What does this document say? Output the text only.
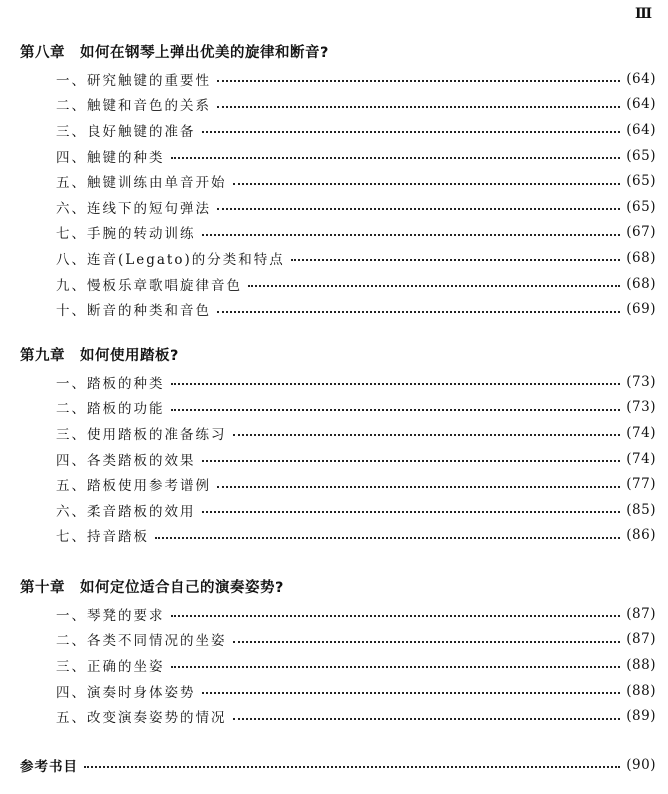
Ⅲ
第八章　如何在钢琴上弹出优美的旋律和断音?
一、研究触键的重要性	(64)
二、触键和音色的关系	(64)
三、良好触键的准备	(64)
四、触键的种类	(65)
五、触键训练由单音开始	(65)
六、连线下的短句弹法	(65)
七、手腕的转动训练	(67)
八、连音(Legato)的分类和特点	(68)
九、慢板乐章歌唱旋律音色	(68)
十、断音的种类和音色	(69)
第九章　如何使用踏板?
一、踏板的种类	(73)
二、踏板的功能	(73)
三、使用踏板的准备练习	(74)
四、各类踏板的效果	(74)
五、踏板使用参考谱例	(77)
六、柔音踏板的效用	(85)
七、持音踏板	(86)
第十章　如何定位适合自己的演奏姿势?
一、琴凳的要求	(87)
二、各类不同情况的坐姿	(87)
三、正确的坐姿	(88)
四、演奏时身体姿势	(88)
五、改变演奏姿势的情况	(89)
参考书目	(90)
